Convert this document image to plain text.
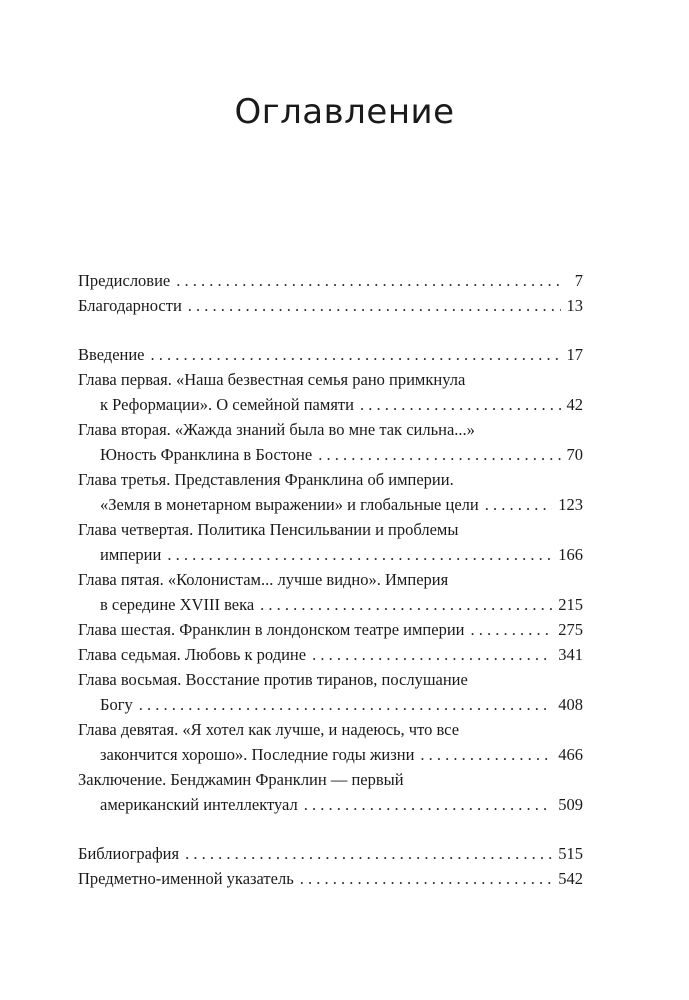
Оглавление
Предисловие . . .	7
Благодарности . . .	13
Введение . . .	17
Глава первая. «Наша безвестная семья рано примкнула
к Реформации». О семейной памяти . . .	42
Глава вторая. «Жажда знаний была во мне так сильна...»
Юность Франклина в Бостоне . . .	70
Глава третья. Представления Франклина об империи.
«Земля в монетарном выражении» и глобальные цели . . .	123
Глава четвертая. Политика Пенсильвании и проблемы
империи . . .	166
Глава пятая. «Колонистам... лучше видно». Империя
в середине XVIII века . . .	215
Глава шестая. Франклин в лондонском театре империи . . .	275
Глава седьмая. Любовь к родине . . .	341
Глава восьмая. Восстание против тиранов, послушание
Богу . . .	408
Глава девятая. «Я хотел как лучше, и надеюсь, что все
закончится хорошо». Последние годы жизни . . .	466
Заключение. Бенджамин Франклин — первый
американский интеллектуал . . .	509
Библиография . . .	515
Предметно-именной указатель . . .	542
